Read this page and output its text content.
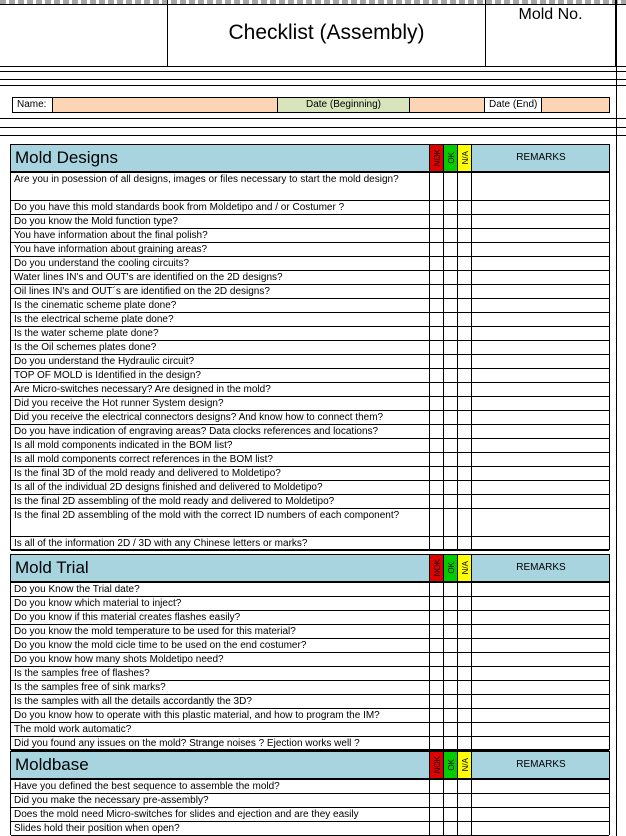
Checklist (Assembly)
Mold No.
Name:	Date (Beginning)	Date (End)
Mold Designs	NOK OK N/A	REMARKS
Are you in posession of all designs, images or files necessary to start the mold design?
Do you have this mold standards book from Moldetipo and / or Costumer ?
Do you know the Mold function type?
You have information about the final polish?
You have information about graining areas?
Do you understand the cooling circuits?
Water lines IN's and OUT's are identified on the 2D designs?
Oil lines IN's and OUT´s are identified on the 2D designs?
Is the cinematic scheme plate done?
Is the electrical scheme plate done?
Is the water scheme plate done?
Is the Oil schemes plates done?
Do you understand the Hydraulic circuit?
TOP OF MOLD is Identified in the design?
Are Micro-switches necessary? Are designed in the mold?
Did you receive the Hot runner System design?
Did you receive the electrical connectors designs? And know how to connect them?
Do you have indication of engraving areas? Data clocks references and locations?
Is all mold components indicated in the BOM list?
Is all mold components correct references in the BOM list?
Is the final 3D of the mold ready and delivered to Moldetipo?
Is all of the individual 2D designs finished and delivered to Moldetipo?
Is the final 2D assembling of the mold ready and delivered to Moldetipo?
Is the final 2D assembling of the mold with the correct ID numbers of each component?
Is all of the information 2D / 3D with any Chinese letters or marks?
Mold Trial	NOK OK N/A	REMARKS
Do you Know the Trial date?
Do you know which material to inject?
Do you know if this material creates flashes easily?
Do you know the mold temperature to be used for this material?
Do you know the mold cicle time to be used on the end costumer?
Do you know how many shots Moldetipo need?
Is the samples free of flashes?
Is the samples free of sink marks?
Is the samples with all the details accordantly the 3D?
Do you know how to operate with this plastic material, and how to program the IM?
The mold work automatic?
Did you found any issues on the mold? Strange noises ? Ejection works well ?
Moldbase	NOK OK N/A	REMARKS
Have you defined the best sequence to assemble the mold?
Did you make the necessary pre-assembly?
Does the mold need Micro-switches for slides and ejection and are they easily
Slides hold their position when open?
